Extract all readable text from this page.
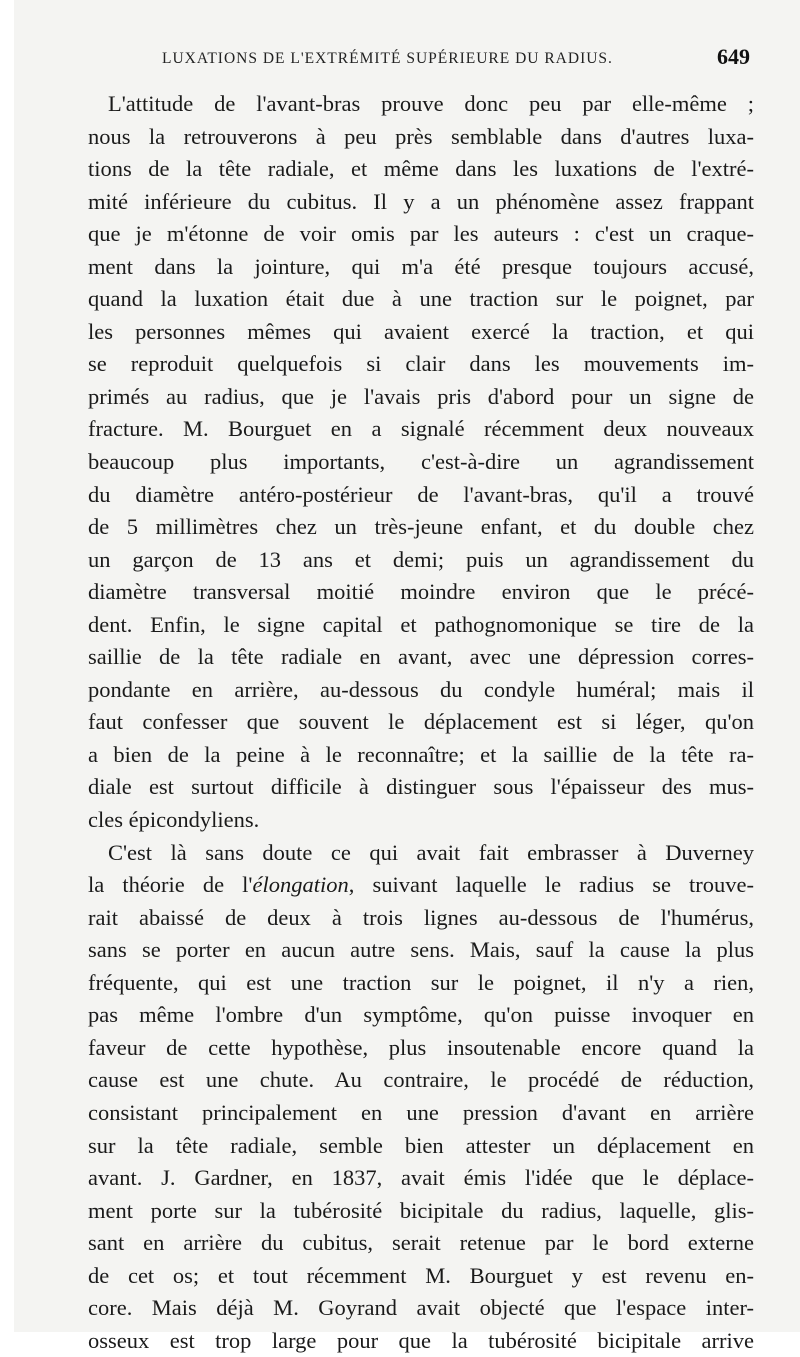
LUXATIONS DE L'EXTRÉMITÉ SUPÉRIEURE DU RADIUS.	649
L'attitude de l'avant-bras prouve donc peu par elle-même ;
nous la retrouverons à peu près semblable dans d'autres luxa-
tions de la tête radiale, et même dans les luxations de l'extré-
mité inférieure du cubitus. Il y a un phénomène assez frappant
que je m'étonne de voir omis par les auteurs : c'est un craque-
ment dans la jointure, qui m'a été presque toujours accusé,
quand la luxation était due à une traction sur le poignet, par
les personnes mêmes qui avaient exercé la traction, et qui
se reproduit quelquefois si clair dans les mouvements im-
primés au radius, que je l'avais pris d'abord pour un signe de
fracture. M. Bourguet en a signalé récemment deux nouveaux
beaucoup plus importants, c'est-à-dire un agrandissement
du diamètre antéro-postérieur de l'avant-bras, qu'il a trouvé
de 5 millimètres chez un très-jeune enfant, et du double chez
un garçon de 13 ans et demi; puis un agrandissement du
diamètre transversal moitié moindre environ que le précé-
dent. Enfin, le signe capital et pathognomonique se tire de la
saillie de la tête radiale en avant, avec une dépression corres-
pondante en arrière, au-dessous du condyle huméral; mais il
faut confesser que souvent le déplacement est si léger, qu'on
a bien de la peine à le reconnaître; et la saillie de la tête ra-
diale est surtout difficile à distinguer sous l'épaisseur des mus-
cles épicondyliens.
C'est là sans doute ce qui avait fait embrasser à Duverney
la théorie de l'élongation, suivant laquelle le radius se trouve-
rait abaissé de deux à trois lignes au-dessous de l'humérus,
sans se porter en aucun autre sens. Mais, sauf la cause la plus
fréquente, qui est une traction sur le poignet, il n'y a rien,
pas même l'ombre d'un symptôme, qu'on puisse invoquer en
faveur de cette hypothèse, plus insoutenable encore quand la
cause est une chute. Au contraire, le procédé de réduction,
consistant principalement en une pression d'avant en arrière
sur la tête radiale, semble bien attester un déplacement en
avant. J. Gardner, en 1837, avait émis l'idée que le déplace-
ment porte sur la tubérosité bicipitale du radius, laquelle, glis-
sant en arrière du cubitus, serait retenue par le bord externe
de cet os; et tout récemment M. Bourguet y est revenu en-
core. Mais déjà M. Goyrand avait objecté que l'espace inter-
osseux est trop large pour que la tubérosité bicipitale arrive
